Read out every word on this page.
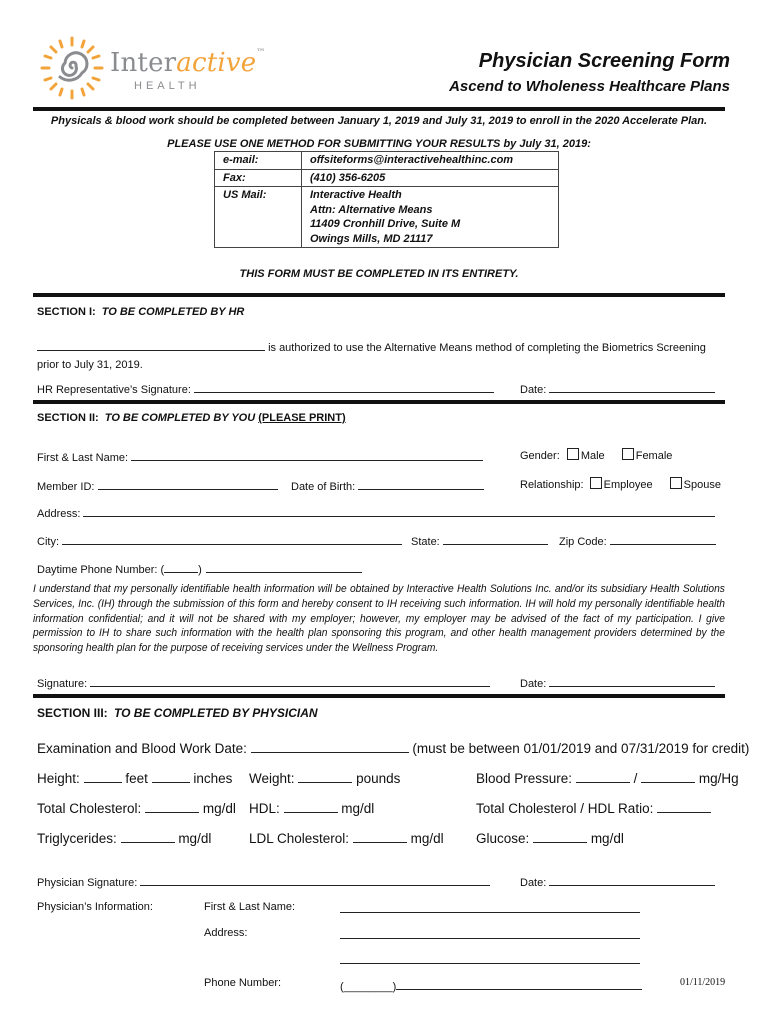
Interactive™
HEALTH
Physician Screening Form
Ascend to Wholeness Healthcare Plans
Physicals & blood work should be completed between January 1, 2019 and July 31, 2019 to enroll in the 2020 Accelerate Plan.
PLEASE USE ONE METHOD FOR SUBMITTING YOUR RESULTS by July 31, 2019:
e-mail:	offsiteforms@interactivehealthinc.com
Fax:	(410) 356-6205
US Mail:	Interactive Health
Attn: Alternative Means
11409 Cronhill Drive, Suite M
Owings Mills, MD 21117
THIS FORM MUST BE COMPLETED IN ITS ENTIRETY.
SECTION I: TO BE COMPLETED BY HR
is authorized to use the Alternative Means method of completing the Biometrics Screening
prior to July 31, 2019.
HR Representative’s Signature:	Date:
SECTION II: TO BE COMPLETED BY YOU (PLEASE PRINT)
First & Last Name:	Gender: Male	Female
Member ID:	Date of Birth:	Relationship: Employee	Spouse
Address:
City:	State:	Zip Code:
Daytime Phone Number: (	)
I understand that my personally identifiable health information will be obtained by Interactive Health Solutions Inc. and/or its subsidiary Health Solutions Services, Inc. (IH) through the submission of this form and hereby consent to IH receiving such information. IH will hold my personally identifiable health information confidential; and it will not be shared with my employer; however, my employer may be advised of the fact of my participation. I give permission to IH to share such information with the health plan sponsoring this program, and other health management providers determined by the sponsoring health plan for the purpose of receiving services under the Wellness Program.
Signature:	Date:
SECTION III: TO BE COMPLETED BY PHYSICIAN
Examination and Blood Work Date:	(must be between 01/01/2019 and 07/31/2019 for credit)
Height:	feet	inches Weight:	pounds	Blood Pressure:	/	mg/Hg
Total Cholesterol:	mg/dl HDL:	mg/dl	Total Cholesterol / HDL Ratio:
Triglycerides:	mg/dl	LDL Cholesterol:	mg/dl Glucose:	mg/dl
Physician Signature:	Date:
Physician’s Information:	First & Last Name:
Address:
Phone Number:	(________)	01/11/2019
